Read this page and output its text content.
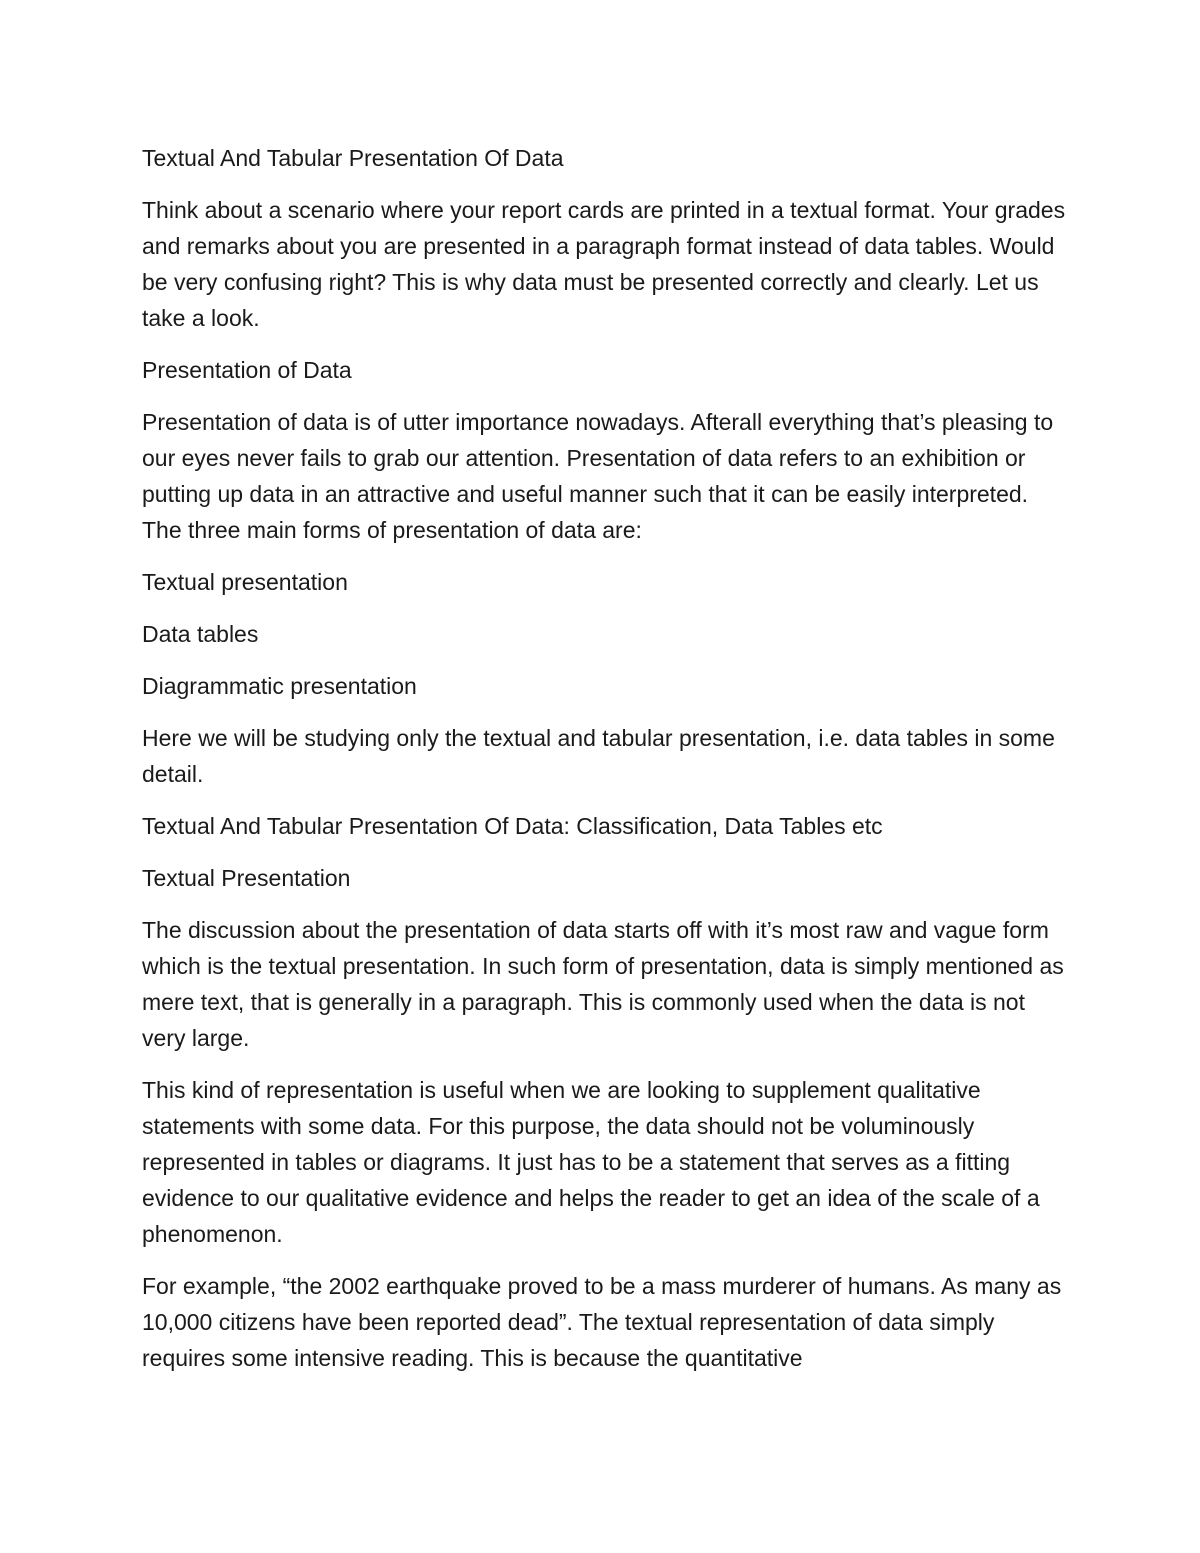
Textual And Tabular Presentation Of Data

Think about a scenario where your report cards are printed in a textual format. Your grades and remarks about you are presented in a paragraph format instead of data tables. Would be very confusing right? This is why data must be presented correctly and clearly. Let us take a look.

Presentation of Data

Presentation of data is of utter importance nowadays. Afterall everything that’s pleasing to our eyes never fails to grab our attention. Presentation of data refers to an exhibition or putting up data in an attractive and useful manner such that it can be easily interpreted. The three main forms of presentation of data are:

Textual presentation

Data tables

Diagrammatic presentation

Here we will be studying only the textual and tabular presentation, i.e. data tables in some detail.

Textual And Tabular Presentation Of Data: Classification, Data Tables etc

Textual Presentation

The discussion about the presentation of data starts off with it’s most raw and vague form which is the textual presentation. In such form of presentation, data is simply mentioned as mere text, that is generally in a paragraph. This is commonly used when the data is not very large.

This kind of representation is useful when we are looking to supplement qualitative statements with some data. For this purpose, the data should not be voluminously represented in tables or diagrams. It just has to be a statement that serves as a fitting evidence to our qualitative evidence and helps the reader to get an idea of the scale of a phenomenon.

For example, “the 2002 earthquake proved to be a mass murderer of humans. As many as 10,000 citizens have been reported dead”. The textual representation of data simply requires some intensive reading. This is because the quantitative
